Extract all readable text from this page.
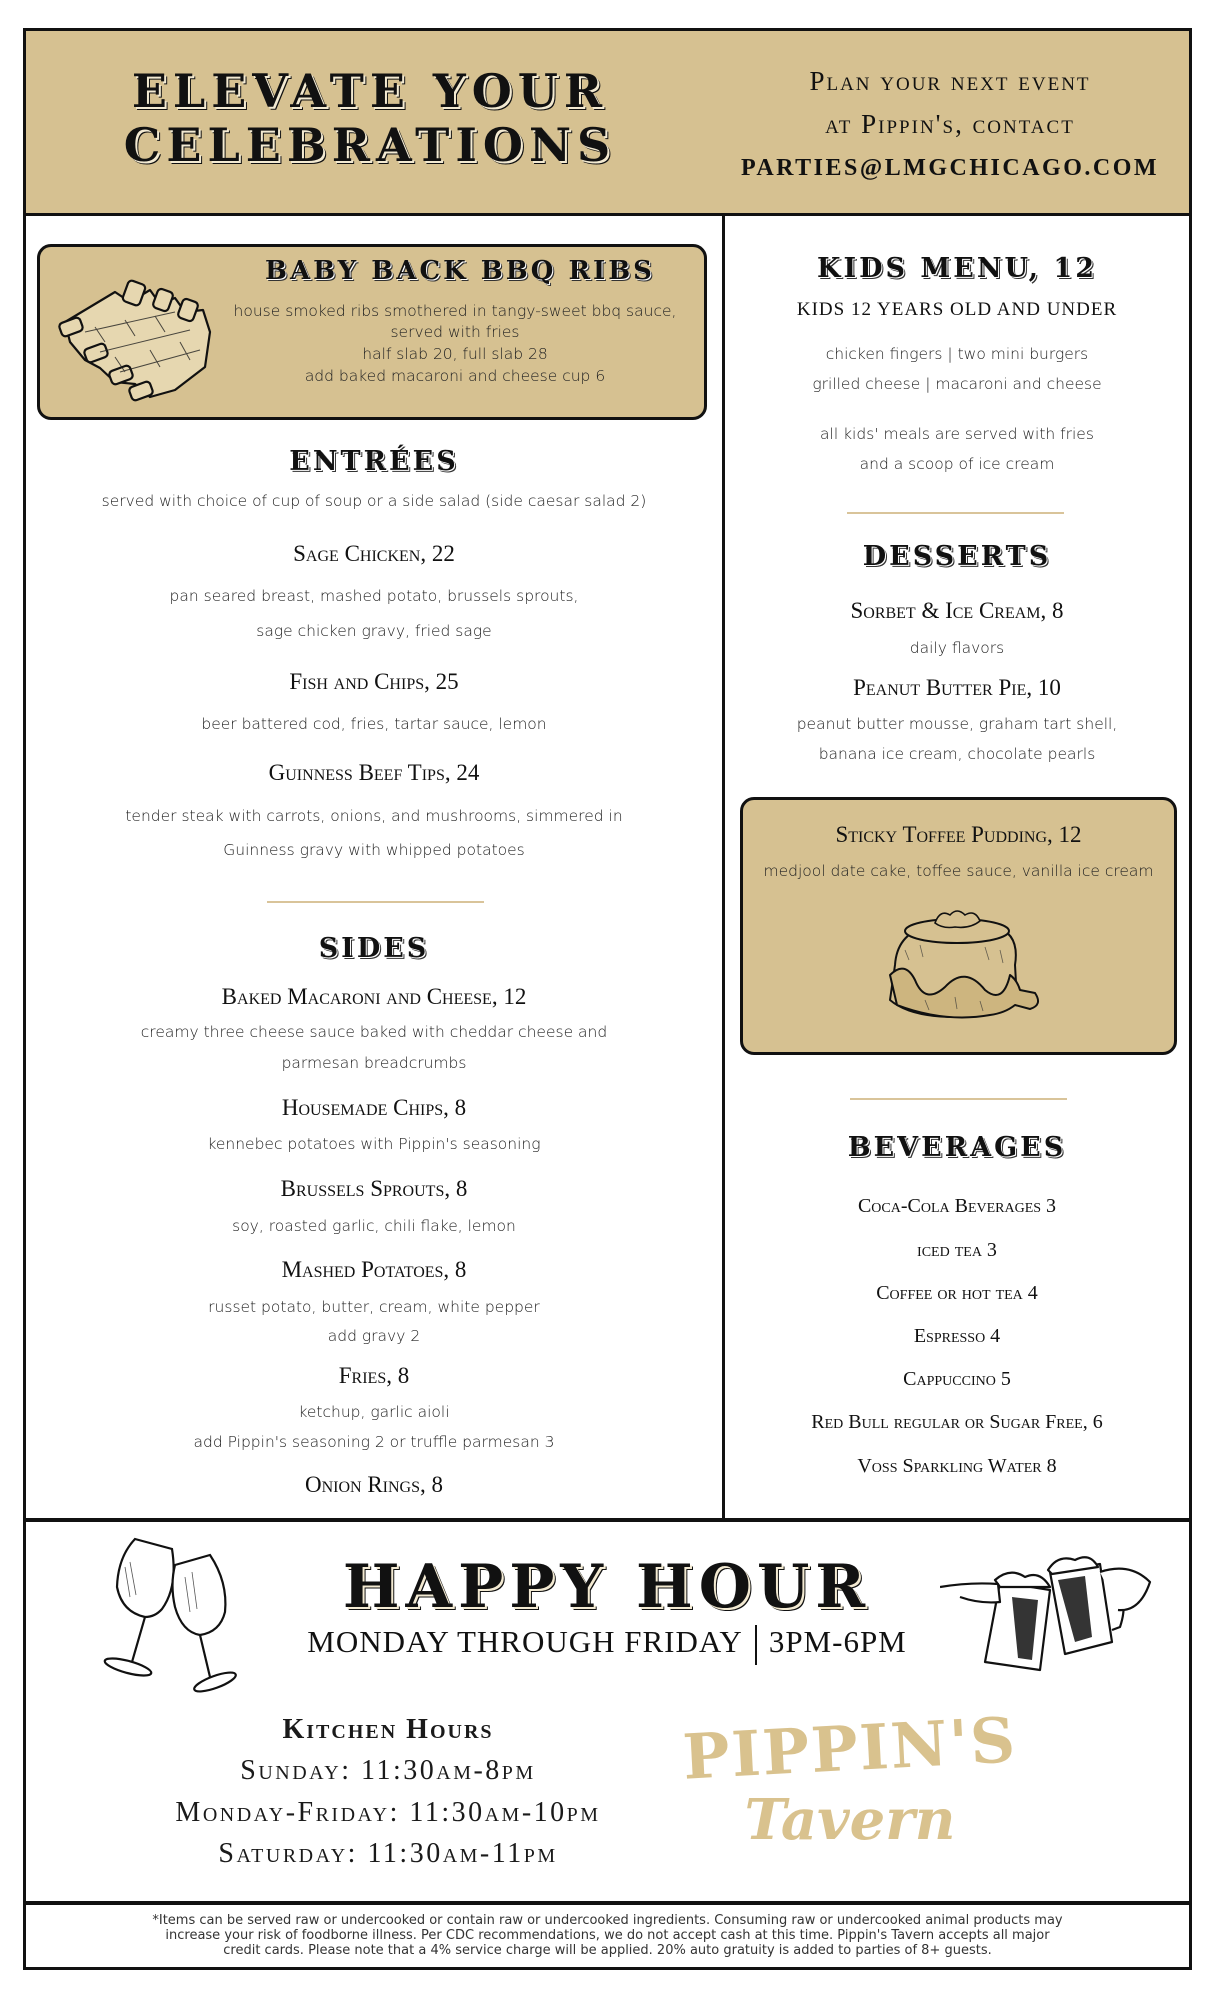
ELEVATE YOUR
CELEBRATIONS
Plan your next event
at Pippin's, contact
PARTIES@LMGCHICAGO.COM
BABY BACK BBQ RIBS
house smoked ribs smothered in tangy-sweet bbq sauce,
served with fries
half slab 20, full slab 28
add baked macaroni and cheese cup 6
ENTRÉES
served with choice of cup of soup or a side salad (side caesar salad 2)
Sage Chicken, 22
pan seared breast, mashed potato, brussels sprouts,
sage chicken gravy, fried sage
Fish and Chips, 25
beer battered cod, fries, tartar sauce, lemon
Guinness Beef Tips, 24
tender steak with carrots, onions, and mushrooms, simmered in
Guinness gravy with whipped potatoes
SIDES
Baked Macaroni and Cheese, 12
creamy three cheese sauce baked with cheddar cheese and
parmesan breadcrumbs
Housemade Chips, 8
kennebec potatoes with Pippin's seasoning
Brussels Sprouts, 8
soy, roasted garlic, chili flake, lemon
Mashed Potatoes, 8
russet potato, butter, cream, white pepper
add gravy 2
Fries, 8
ketchup, garlic aioli
add Pippin's seasoning 2 or truffle parmesan 3
Onion Rings, 8
KIDS MENU, 12
KIDS 12 YEARS OLD AND UNDER
chicken fingers | two mini burgers
grilled cheese | macaroni and cheese
all kids' meals are served with fries
and a scoop of ice cream
DESSERTS
Sorbet & Ice Cream, 8
daily flavors
Peanut Butter Pie, 10
peanut butter mousse, graham tart shell,
banana ice cream, chocolate pearls
Sticky Toffee Pudding, 12
medjool date cake, toffee sauce, vanilla ice cream
BEVERAGES
Coca-Cola Beverages 3
iced tea 3
Coffee or hot tea 4
Espresso 4
Cappuccino 5
Red Bull regular or Sugar Free, 6
Voss Sparkling Water 8
HAPPY HOUR
MONDAY THROUGH FRIDAY 3PM-6PM
Kitchen Hours
Sunday: 11:30am-8pm
Monday-Friday: 11:30am-10pm
Saturday: 11:30am-11pm
PIPPIN'S
Tavern
*Items can be served raw or undercooked or contain raw or undercooked ingredients. Consuming raw or undercooked animal products may
increase your risk of foodborne illness. Per CDC recommendations, we do not accept cash at this time. Pippin's Tavern accepts all major
credit cards. Please note that a 4% service charge will be applied. 20% auto gratuity is added to parties of 8+ guests.
